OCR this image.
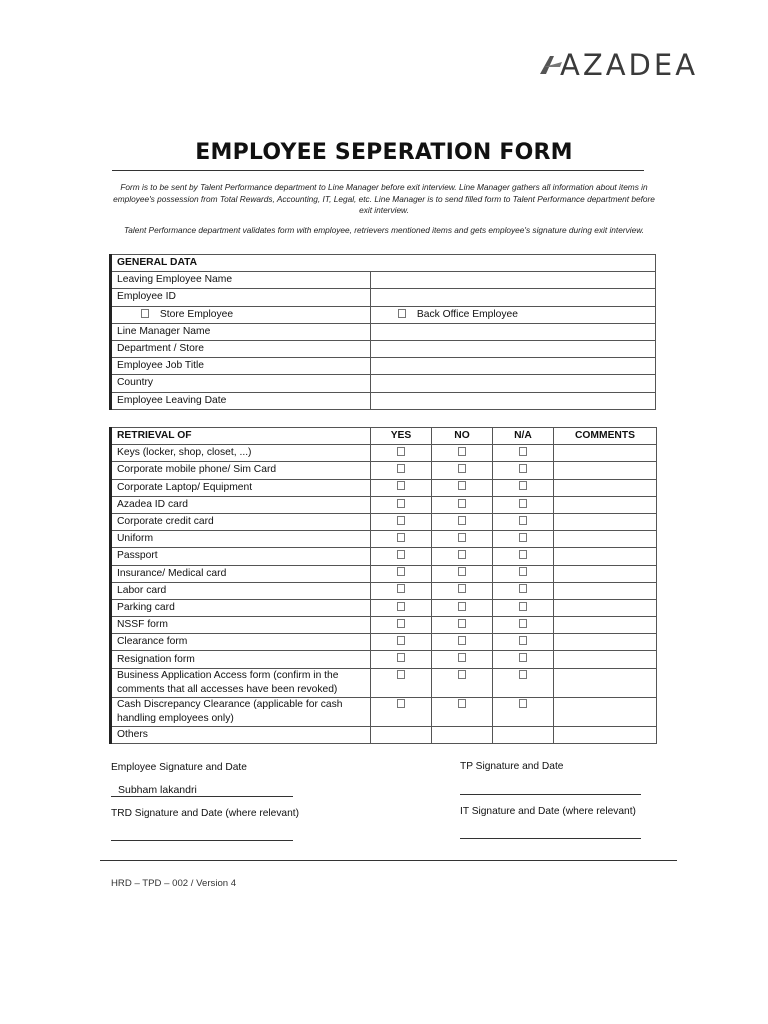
AZADEA
EMPLOYEE SEPERATION FORM
Form is to be sent by Talent Performance department to Line Manager before exit interview. Line Manager gathers all information about items in employee's possession from Total Rewards, Accounting, IT, Legal, etc. Line Manager is to send filled form to Talent Performance department before exit interview.
Talent Performance department validates form with employee, retrievers mentioned items and gets employee's signature during exit interview.
GENERAL DATA	
Leaving Employee Name	
Employee ID	
Store Employee	Back Office Employee
Line Manager Name	
Department / Store	
Employee Job Title	
Country	
Employee Leaving Date	
RETRIEVAL OF	YES	NO	N/A	COMMENTS
Keys (locker, shop, closet, ...)				
Corporate mobile phone/ Sim Card				
Corporate Laptop/ Equipment				
Azadea ID card				
Corporate credit card				
Uniform				
Passport				
Insurance/ Medical card				
Labor card				
Parking card				
NSSF form				
Clearance form				
Resignation form				
Business Application Access form (confirm in the comments that all accesses have been revoked)				
Cash Discrepancy Clearance (applicable for cash handling employees only)				
Others				
Employee Signature and Date
Subham lakandri
TP Signature and Date
TRD Signature and Date (where relevant)	IT Signature and Date (where relevant)
HRD – TPD – 002 / Version 4
